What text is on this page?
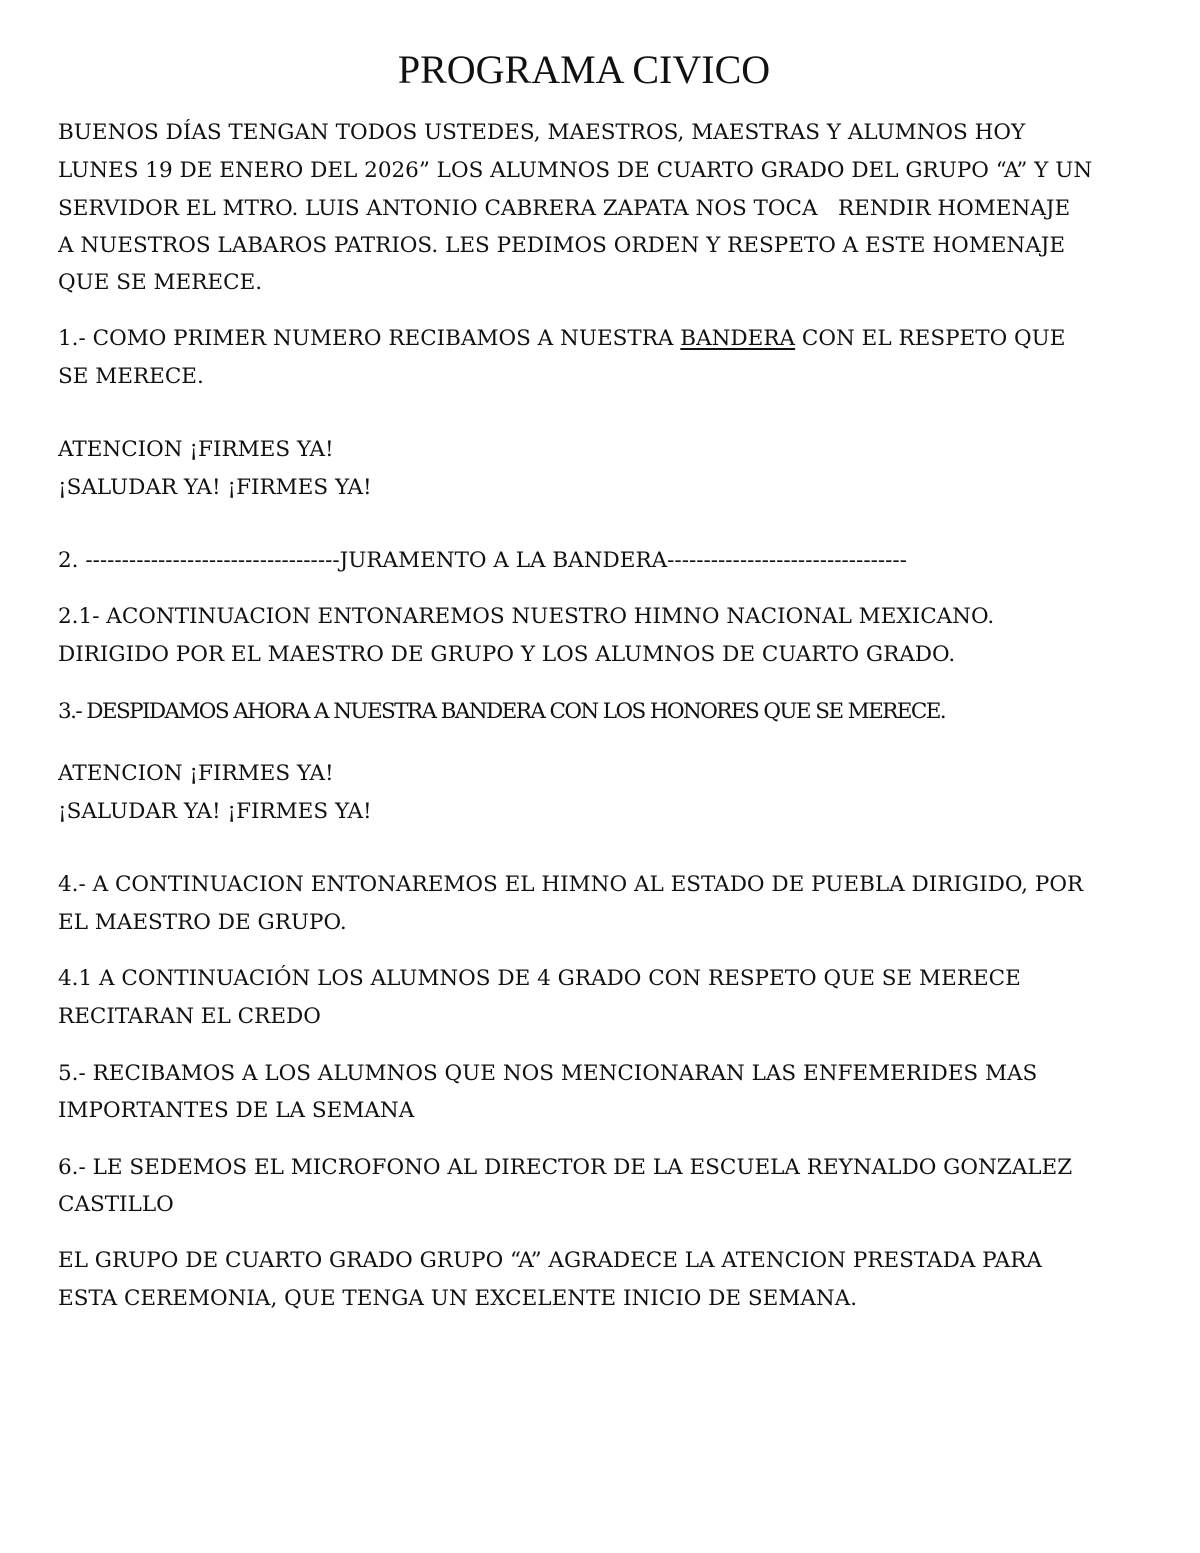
PROGRAMA CIVICO
BUENOS DÍAS TENGAN TODOS USTEDES, MAESTROS, MAESTRAS Y ALUMNOS HOY
LUNES 19 DE ENERO DEL 2026” LOS ALUMNOS DE CUARTO GRADO DEL GRUPO “A” Y UN
SERVIDOR EL MTRO. LUIS ANTONIO CABRERA ZAPATA NOS TOCA   RENDIR HOMENAJE
A NUESTROS LABAROS PATRIOS. LES PEDIMOS ORDEN Y RESPETO A ESTE HOMENAJE
QUE SE MERECE.
1.- COMO PRIMER NUMERO RECIBAMOS A NUESTRA BANDERA CON EL RESPETO QUE
SE MERECE.
ATENCION ¡FIRMES YA!
¡SALUDAR YA! ¡FIRMES YA!
2. -----------------------------------JURAMENTO A LA BANDERA---------------------------------
2.1- ACONTINUACION ENTONAREMOS NUESTRO HIMNO NACIONAL MEXICANO.
DIRIGIDO POR EL MAESTRO DE GRUPO Y LOS ALUMNOS DE CUARTO GRADO.
3.- DESPIDAMOS AHORA A NUESTRA BANDERA CON LOS HONORES QUE SE MERECE.
ATENCION ¡FIRMES YA!
¡SALUDAR YA! ¡FIRMES YA!
4.- A CONTINUACION ENTONAREMOS EL HIMNO AL ESTADO DE PUEBLA DIRIGIDO, POR
EL MAESTRO DE GRUPO.
4.1 A CONTINUACIÓN LOS ALUMNOS DE 4 GRADO CON RESPETO QUE SE MERECE
RECITARAN EL CREDO
5.- RECIBAMOS A LOS ALUMNOS QUE NOS MENCIONARAN LAS ENFEMERIDES MAS
IMPORTANTES DE LA SEMANA
6.- LE SEDEMOS EL MICROFONO AL DIRECTOR DE LA ESCUELA REYNALDO GONZALEZ
CASTILLO
EL GRUPO DE CUARTO GRADO GRUPO “A” AGRADECE LA ATENCION PRESTADA PARA
ESTA CEREMONIA, QUE TENGA UN EXCELENTE INICIO DE SEMANA.
